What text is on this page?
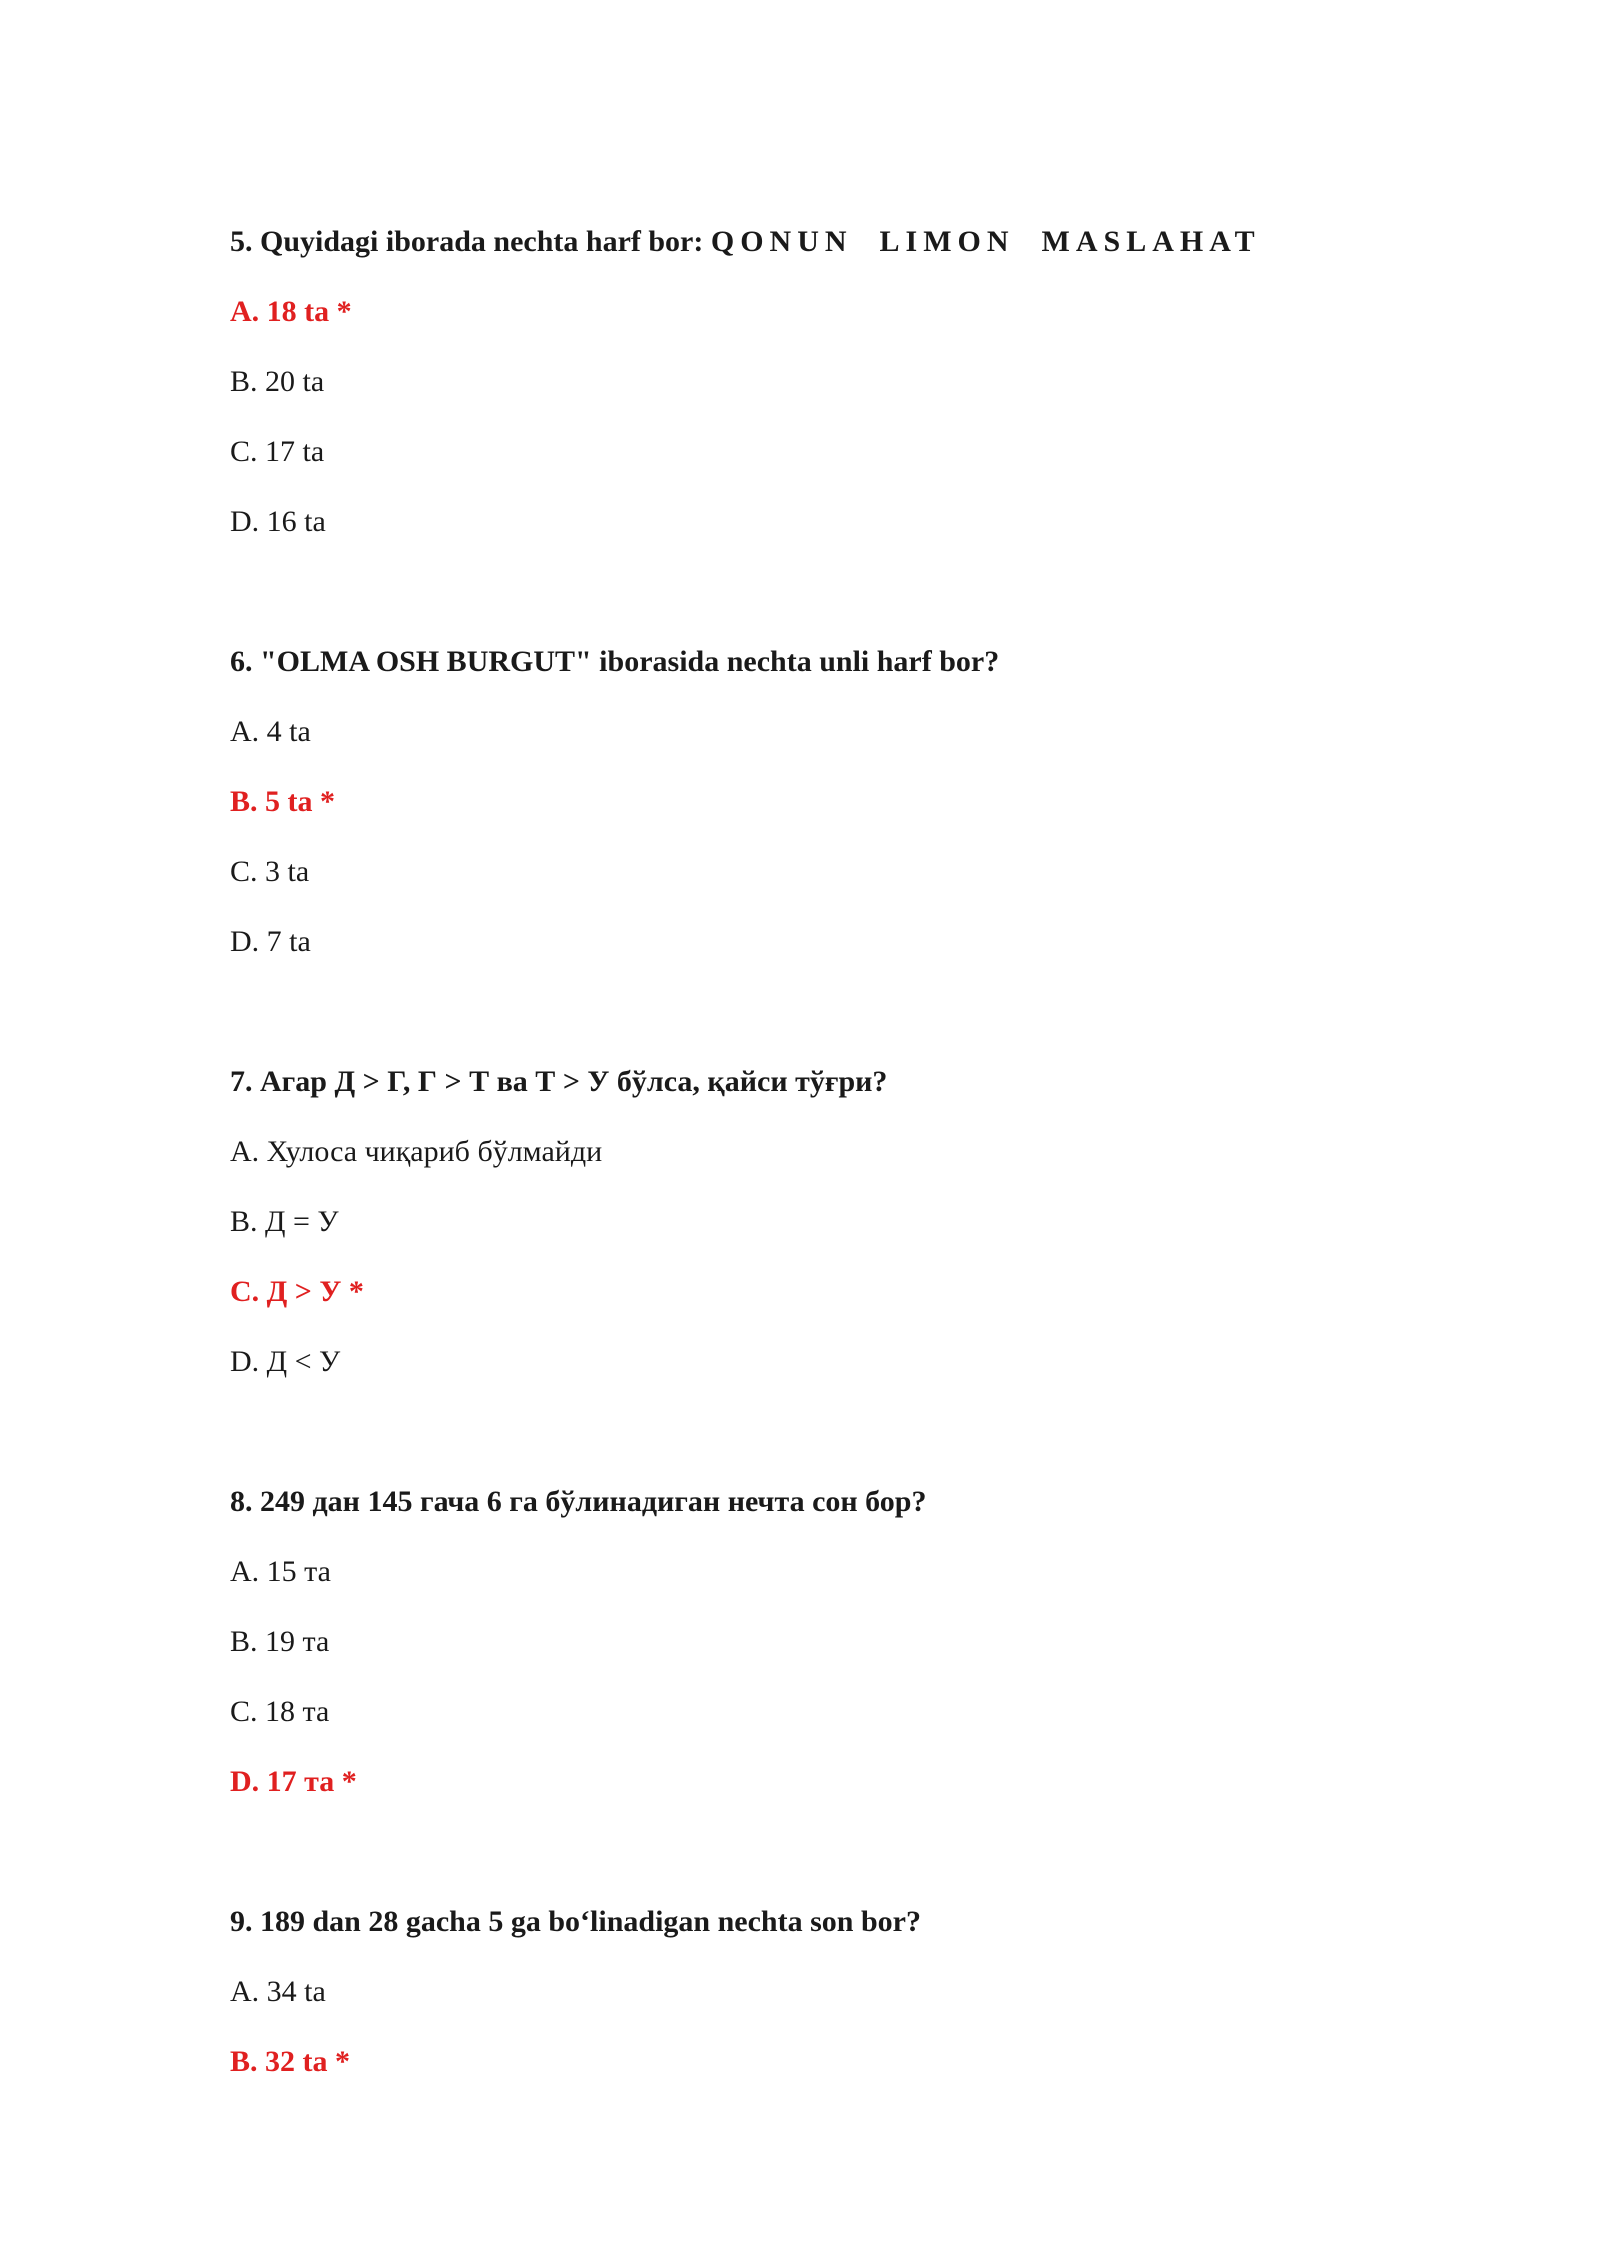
5. Quyidagi iborada nechta harf bor: QONUN  LIMON  MASLAHAT
A. 18 ta *
B. 20 ta
C. 17 ta
D. 16 ta
6. "OLMA OSH BURGUT" iborasida nechta unli harf bor?
A. 4 ta
B. 5 ta *
C. 3 ta
D. 7 ta
7. Агар Д > Г, Г > Т ва Т > У бўлса, қайси тўғри?
A. Хулоса чиқариб бўлмайди
B. Д = У
C. Д > У *
D. Д < У
8. 249 дан 145 гача 6 га бўлинадиган нечта сон бор?
A. 15 та
B. 19 та
C. 18 та
D. 17 та *
9. 189 dan 28 gacha 5 ga bo‘linadigan nechta son bor?
A. 34 ta
B. 32 ta *
